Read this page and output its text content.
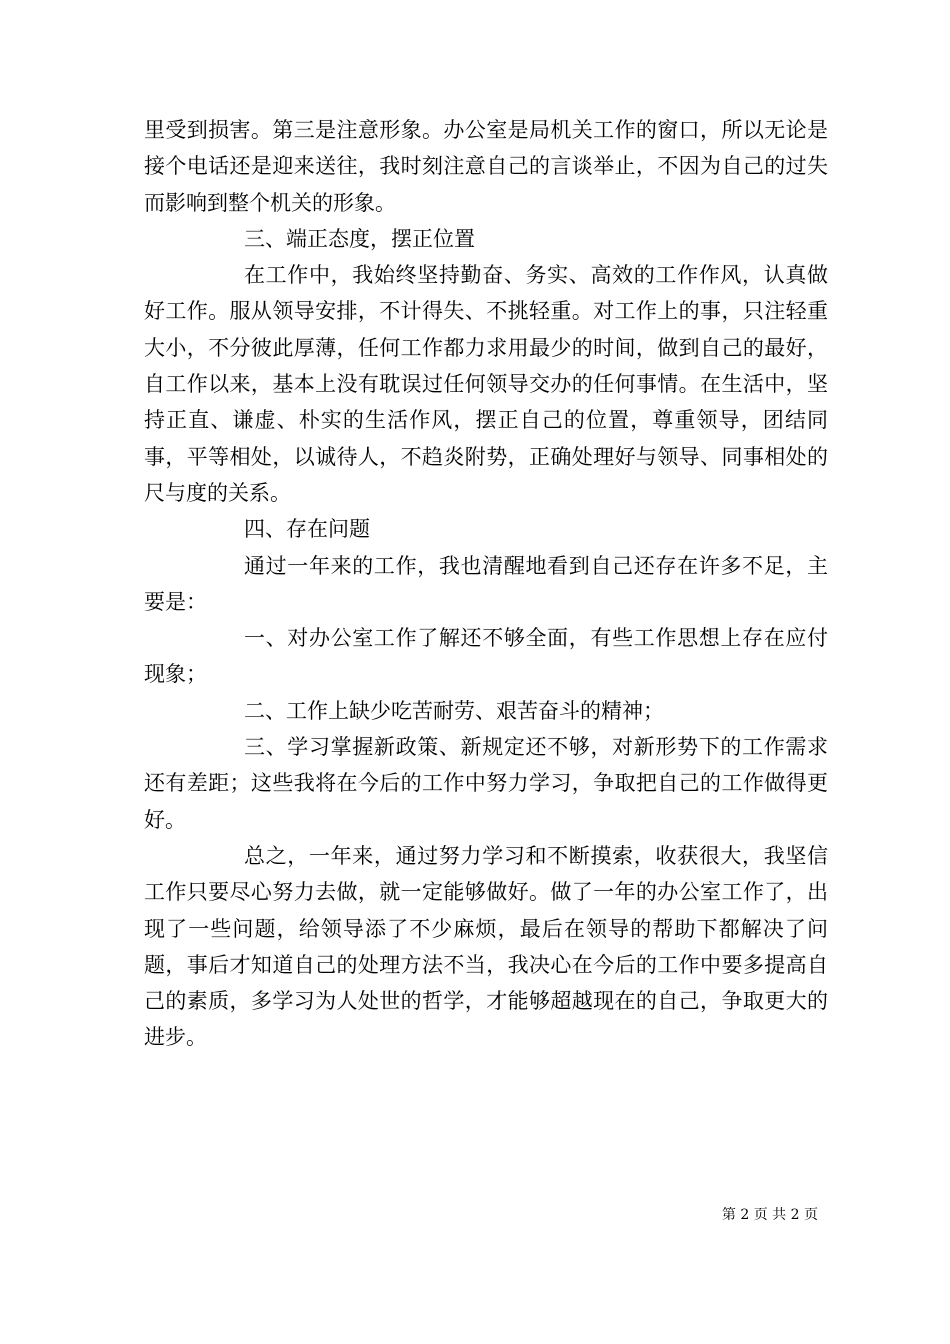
里受到损害。第三是注意形象。办公室是局机关工作的窗口，所以无论是接个电话还是迎来送往，我时刻注意自己的言谈举止，不因为自己的过失而影响到整个机关的形象。

三、端正态度，摆正位置

在工作中，我始终坚持勤奋、务实、高效的工作作风，认真做好工作。服从领导安排，不计得失、不挑轻重。对工作上的事，只注轻重大小，不分彼此厚薄，任何工作都力求用最少的时间，做到自己的最好，自工作以来，基本上没有耽误过任何领导交办的任何事情。在生活中，坚持正直、谦虚、朴实的生活作风，摆正自己的位置，尊重领导，团结同事，平等相处，以诚待人，不趋炎附势，正确处理好与领导、同事相处的尺与度的关系。

四、存在问题

通过一年来的工作，我也清醒地看到自己还存在许多不足，主要是：

一、对办公室工作了解还不够全面，有些工作思想上存在应付现象；

二、工作上缺少吃苦耐劳、艰苦奋斗的精神；

三、学习掌握新政策、新规定还不够，对新形势下的工作需求还有差距；这些我将在今后的工作中努力学习，争取把自己的工作做得更好。

总之，一年来，通过努力学习和不断摸索，收获很大，我坚信工作只要尽心努力去做，就一定能够做好。做了一年的办公室工作了，出现了一些问题，给领导添了不少麻烦，最后在领导的帮助下都解决了问题，事后才知道自己的处理方法不当，我决心在今后的工作中要多提高自己的素质，多学习为人处世的哲学，才能够超越现在的自己，争取更大的进步。

第 2 页 共 2 页
